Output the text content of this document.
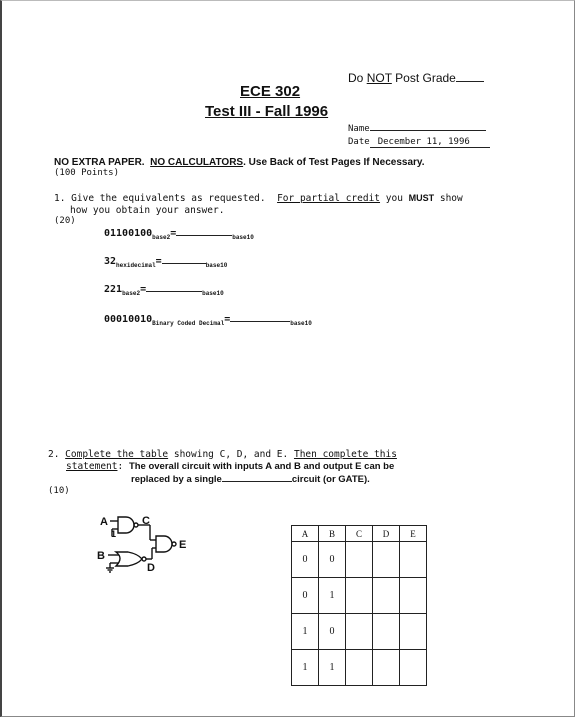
Do NOT Post Grade
ECE 302
Test III - Fall 1996
Name
Date December 11, 1996
NO EXTRA PAPER. NO CALCULATORS. Use Back of Test Pages If Necessary.
(100 Points)
1. Give the equivalents as requested. For partial credit you MUST show
how you obtain your answer.
(20)
$01100100_{base2}=$	$_{base10}$
$32_{hexidecimal}=$	$_{base10}$
$221_{base2}=$	$_{base10}$
$00010010_{Binary Coded Decimal}=$	$_{base10}$
2. Complete the table showing C, D, and E. Then complete this
statement: The overall circuit with inputs A and B and output E can be
replaced by a single	circuit (or GATE).
(10)
A	C
1
E
B
D
A	B	C	D	E
0	0			
0	1			
1	0			
1	1			
